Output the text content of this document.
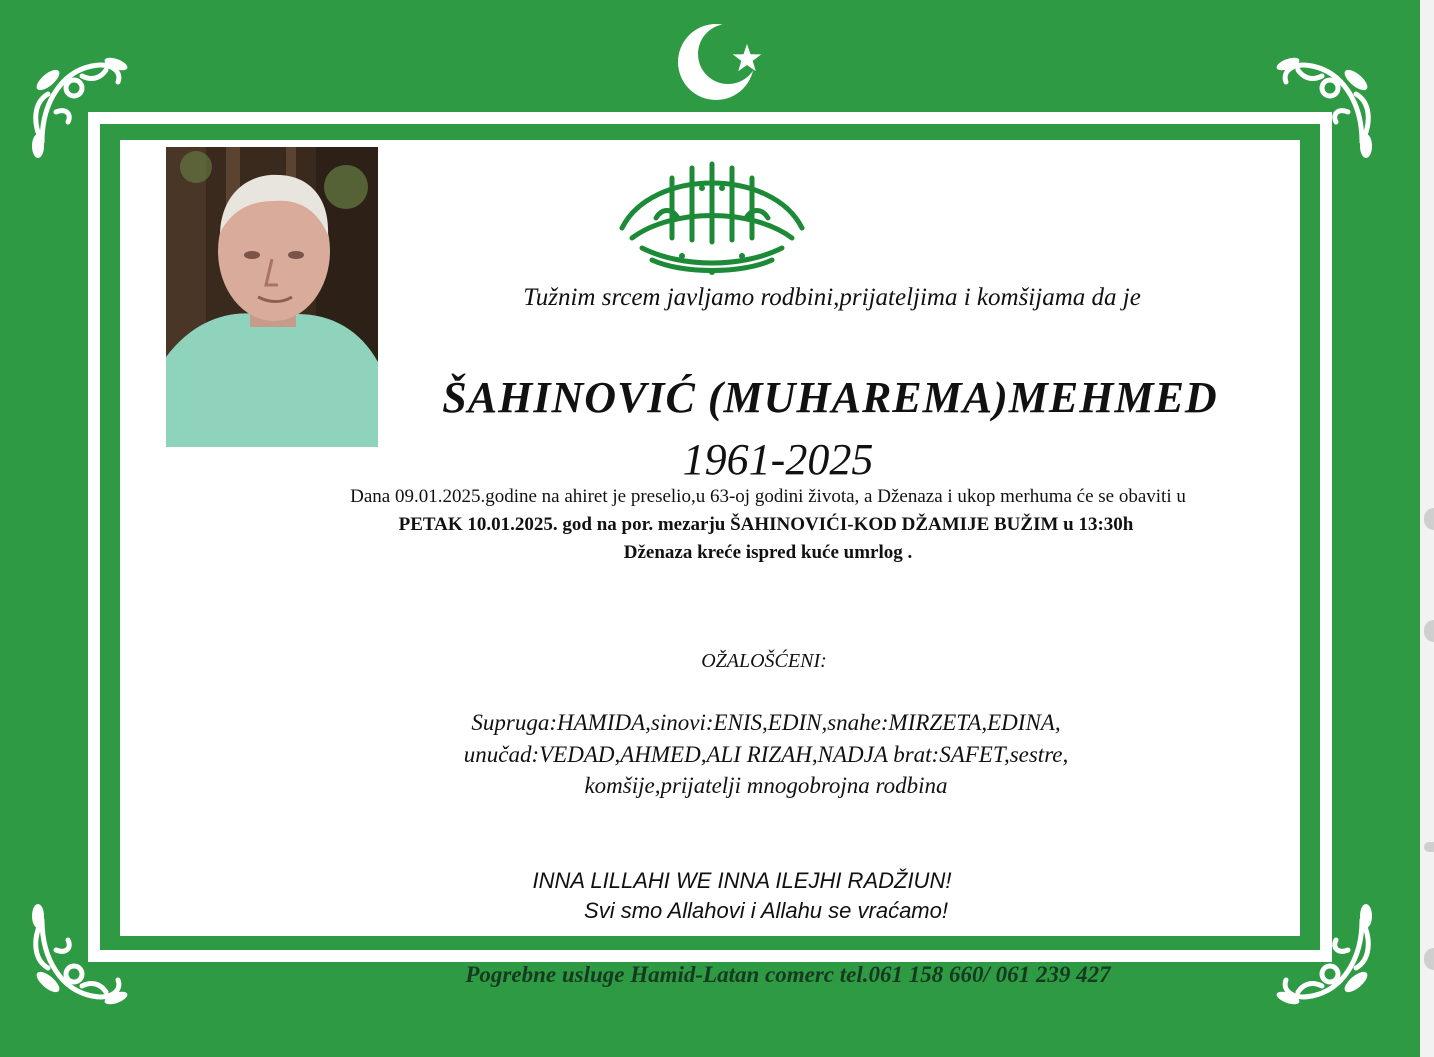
Tužnim srcem javljamo rodbini,prijateljima i komšijama da je

ŠAHINOVIĆ (MUHAREMA)MEHMED

1961-2025

Dana 09.01.2025.godine na ahiret je preselio,u 63-oj godini života, a Dženaza i ukop merhuma će se obaviti u

PETAK 10.01.2025. god na por. mezarju ŠAHINOVIĆI-KOD DŽAMIJE BUŽIM u 13:30h

Dženaza kreće ispred kuće umrlog .

OŽALOŠĆENI:

Supruga:HAMIDA,sinovi:ENIS,EDIN,snahe:MIRZETA,EDINA,

unučad:VEDAD,AHMED,ALI RIZAH,NADJA brat:SAFET,sestre,

komšije,prijatelji mnogobrojna rodbina

INNA LILLAHI WE INNA ILEJHI RADŽIUN!

Svi smo Allahovi i Allahu se vraćamo!

Pogrebne usluge Hamid-Latan comerc tel.061 158 660/ 061 239 427
